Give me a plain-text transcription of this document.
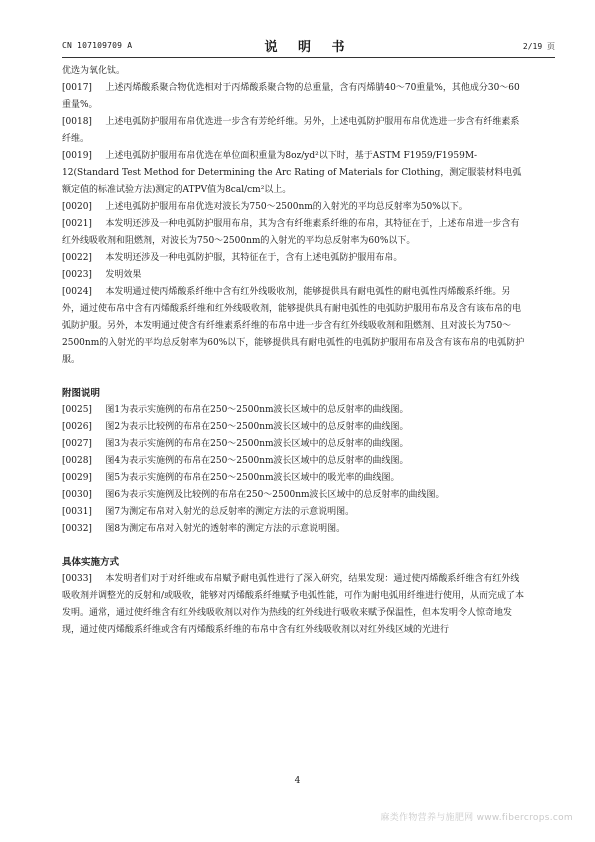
CN 107109709 A	说 明 书	2/19 页

优选为氧化钛。

[0017] 上述丙烯酸系聚合物优选相对于丙烯酸系聚合物的总重量，含有丙烯腈40～70重量%，其他成分30～60重量%。

[0018] 上述电弧防护服用布帛优选进一步含有芳纶纤维。另外，上述电弧防护服用布帛优选进一步含有纤维素系纤维。

[0019] 上述电弧防护服用布帛优选在单位面积重量为8oz/yd²以下时，基于ASTM F1959/F1959M-12(Standard Test Method for Determining the Arc Rating of Materials for Clothing，测定服装材料电弧额定值的标准试验方法)测定的ATPV值为8cal/cm²以上。

[0020] 上述电弧防护服用布帛优选对波长为750～2500nm的入射光的平均总反射率为50%以下。

[0021] 本发明还涉及一种电弧防护服用布帛，其为含有纤维素系纤维的布帛，其特征在于，上述布帛进一步含有红外线吸收剂和阻燃剂，对波长为750～2500nm的入射光的平均总反射率为60%以下。

[0022] 本发明还涉及一种电弧防护服，其特征在于，含有上述电弧防护服用布帛。

[0023] 发明效果

[0024] 本发明通过使丙烯酸系纤维中含有红外线吸收剂，能够提供具有耐电弧性的耐电弧性丙烯酸系纤维。另外，通过使布帛中含有丙烯酸系纤维和红外线吸收剂，能够提供具有耐电弧性的电弧防护服用布帛及含有该布帛的电弧防护服。另外，本发明通过使含有纤维素系纤维的布帛中进一步含有红外线吸收剂和阻燃剂、且对波长为750～2500nm的入射光的平均总反射率为60%以下，能够提供具有耐电弧性的电弧防护服用布帛及含有该布帛的电弧防护服。

附图说明

[0025] 图1为表示实施例的布帛在250～2500nm波长区域中的总反射率的曲线图。

[0026] 图2为表示比较例的布帛在250～2500nm波长区域中的总反射率的曲线图。

[0027] 图3为表示实施例的布帛在250～2500nm波长区域中的总反射率的曲线图。

[0028] 图4为表示实施例的布帛在250～2500nm波长区域中的总反射率的曲线图。

[0029] 图5为表示实施例的布帛在250～2500nm波长区域中的吸光率的曲线图。

[0030] 图6为表示实施例及比较例的布帛在250～2500nm波长区域中的总反射率的曲线图。

[0031] 图7为测定布帛对入射光的总反射率的测定方法的示意说明图。

[0032] 图8为测定布帛对入射光的透射率的测定方法的示意说明图。

具体实施方式

[0033] 本发明者们对于对纤维或布帛赋予耐电弧性进行了深入研究，结果发现：通过使丙烯酸系纤维含有红外线吸收剂并调整光的反射和/或吸收，能够对丙烯酸系纤维赋予电弧性能，可作为耐电弧用纤维进行使用，从而完成了本发明。通常，通过使纤维含有红外线吸收剂以对作为热线的红外线进行吸收来赋予保温性，但本发明令人惊奇地发现，通过使丙烯酸系纤维或含有丙烯酸系纤维的布帛中含有红外线吸收剂以对红外线区域的光进行

4
麻类作物营养与施肥网 www.fibercrops.com
